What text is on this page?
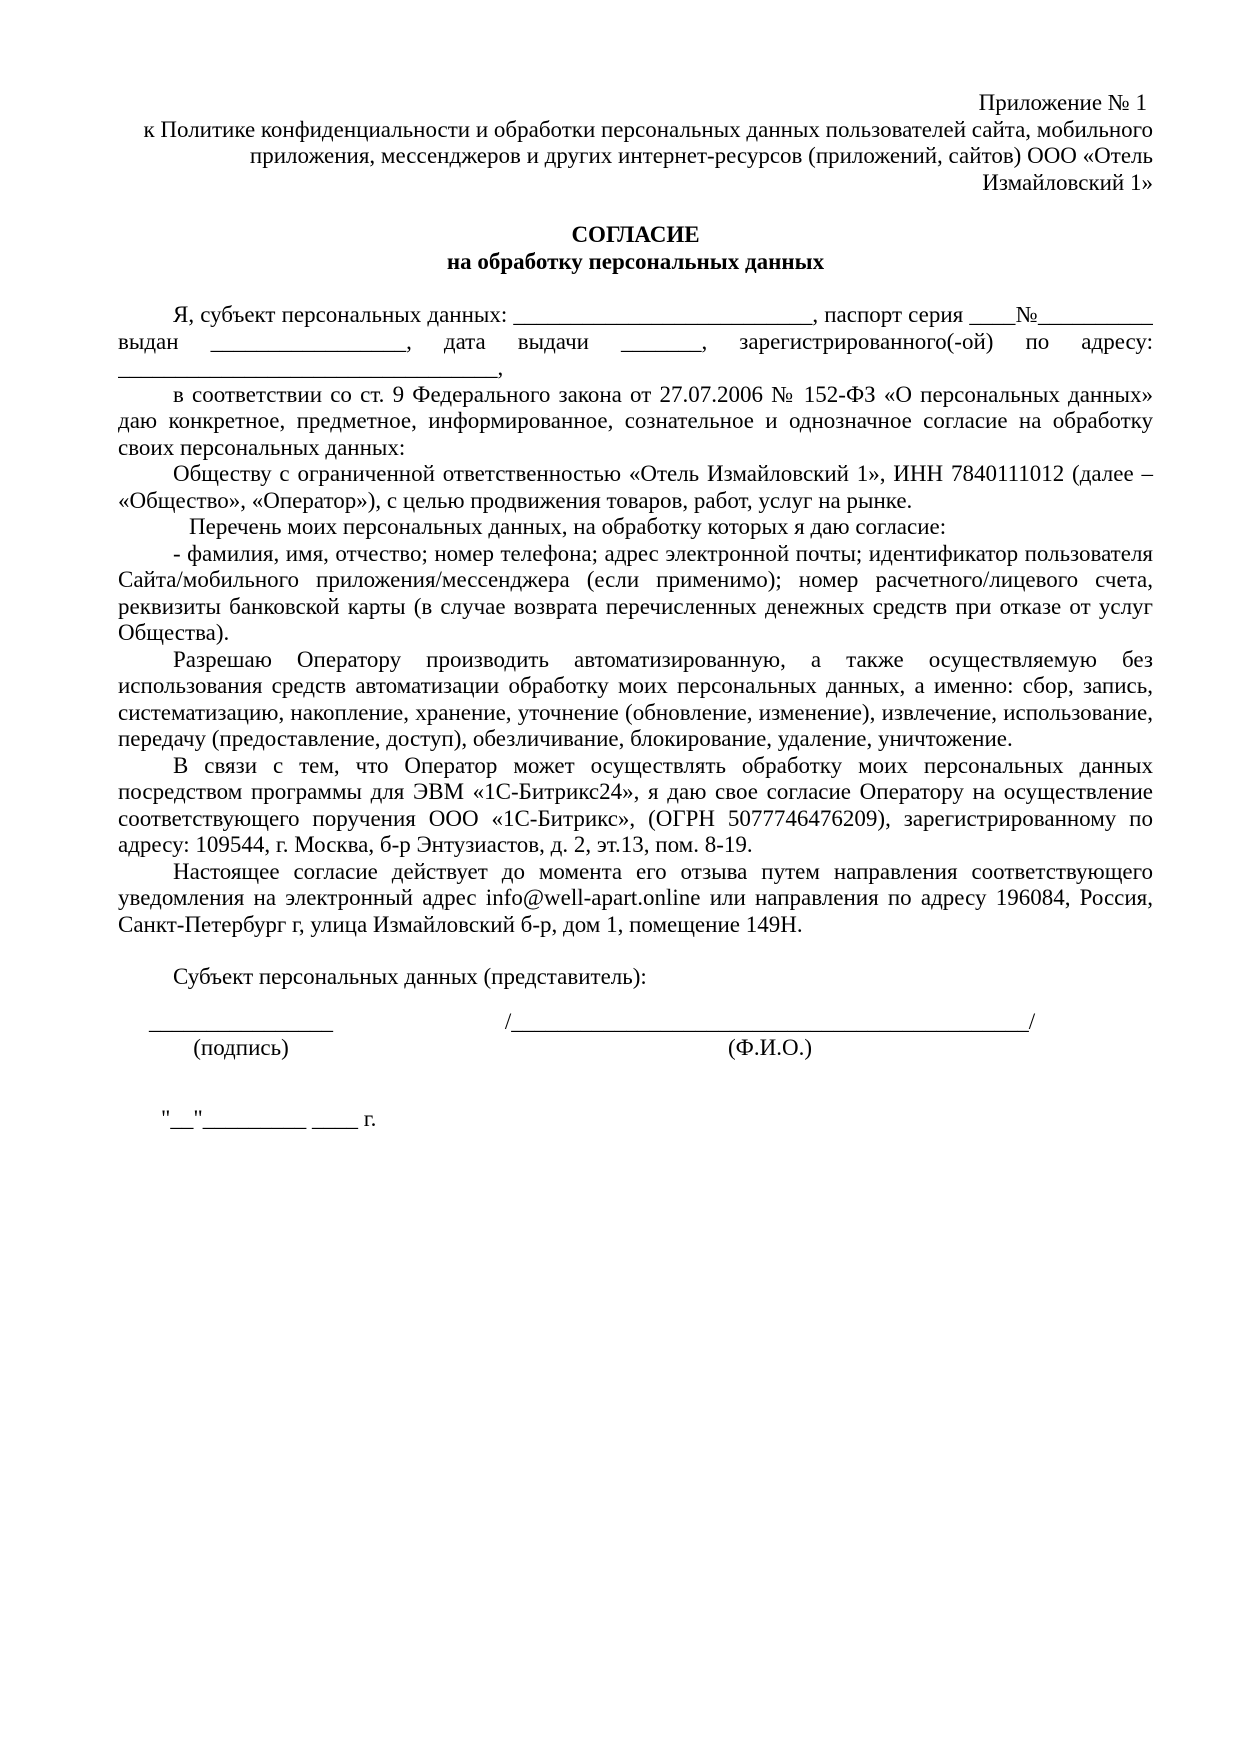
Приложение № 1
к Политике конфиденциальности и обработки персональных данных пользователей сайта, мобильного
приложения, мессенджеров и других интернет-ресурсов (приложений, сайтов) ООО «Отель
Измайловский 1»
СОГЛАСИЕ
на обработку персональных данных
Я, субъект персональных данных: __________________________, паспорт серия ____№__________
выдан _________________, дата выдачи _______, зарегистрированного(-ой) по адресу:
_________________________________,

в соответствии со ст. 9 Федерального закона от 27.07.2006 № 152-ФЗ «О персональных данных» даю конкретное, предметное, информированное, сознательное и однозначное согласие на обработку своих персональных данных:

Обществу с ограниченной ответственностью «Отель Измайловский 1», ИНН 7840111012 (далее – «Общество», «Оператор»), с целью продвижения товаров, работ, услуг на рынке.

Перечень моих персональных данных, на обработку которых я даю согласие:

- фамилия, имя, отчество; номер телефона; адрес электронной почты; идентификатор пользователя Сайта/мобильного приложения/мессенджера (если применимо); номер расчетного/лицевого счета, реквизиты банковской карты (в случае возврата перечисленных денежных средств при отказе от услуг Общества).

Разрешаю Оператору производить автоматизированную, а также осуществляемую без использования средств автоматизации обработку моих персональных данных, а именно: сбор, запись, систематизацию, накопление, хранение, уточнение (обновление, изменение), извлечение, использование, передачу (предоставление, доступ), обезличивание, блокирование, удаление, уничтожение.

В связи с тем, что Оператор может осуществлять обработку моих персональных данных посредством программы для ЭВМ «1С-Битрикс24», я даю свое согласие Оператору на осуществление соответствующего поручения ООО «1С-Битрикс», (ОГРН 5077746476209), зарегистрированному по адресу: 109544, г. Москва, б-р Энтузиастов, д. 2, эт.13, пом. 8-19.

Настоящее согласие действует до момента его отзыва путем направления соответствующего уведомления на электронный адрес info@well-apart.online или направления по адресу 196084, Россия, Санкт-Петербург г, улица Измайловский б-р, дом 1, помещение 149Н.

Субъект персональных данных (представитель):
________________	/_____________________________________________/
(подпись)	(Ф.И.О.)
"__"_________ ____ г.
